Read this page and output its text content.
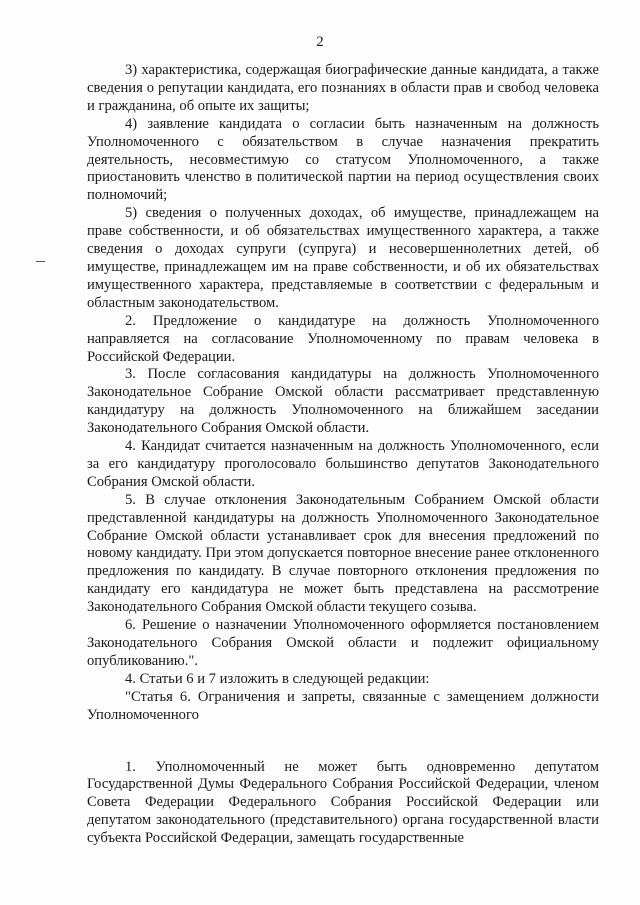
2

3) характеристика, содержащая биографические данные кандидата, а также сведения о репутации кандидата, его познаниях в области прав и свобод человека и гражданина, об опыте их защиты;

4) заявление кандидата о согласии быть назначенным на должность Уполномоченного с обязательством в случае назначения прекратить деятельность, несовместимую со статусом Уполномоченного, а также приостановить членство в политической партии на период осуществления своих полномочий;

5) сведения о полученных доходах, об имуществе, принадлежащем на праве собственности, и об обязательствах имущественного характера, а также сведения о доходах супруги (супруга) и несовершеннолетних детей, об имуществе, принадлежащем им на праве собственности, и об их обязательствах имущественного характера, представляемые в соответствии с федеральным и областным законодательством.

2. Предложение о кандидатуре на должность Уполномоченного направляется на согласование Уполномоченному по правам человека в Российской Федерации.

3. После согласования кандидатуры на должность Уполномоченного Законодательное Собрание Омской области рассматривает представленную кандидатуру на должность Уполномоченного на ближайшем заседании Законодательного Собрания Омской области.

4. Кандидат считается назначенным на должность Уполномоченного, если за его кандидатуру проголосовало большинство депутатов Законодательного Собрания Омской области.

5. В случае отклонения Законодательным Собранием Омской области представленной кандидатуры на должность Уполномоченного Законодательное Собрание Омской области устанавливает срок для внесения предложений по новому кандидату. При этом допускается повторное внесение ранее отклоненного предложения по кандидату. В случае повторного отклонения предложения по кандидату его кандидатура не может быть представлена на рассмотрение Законодательного Собрания Омской области текущего созыва.

6. Решение о назначении Уполномоченного оформляется постановлением Законодательного Собрания Омской области и подлежит официальному опубликованию.".

4. Статьи 6 и 7 изложить в следующей редакции:

"Статья 6. Ограничения и запреты, связанные с замещением должности Уполномоченного

1. Уполномоченный не может быть одновременно депутатом Государственной Думы Федерального Собрания Российской Федерации, членом Совета Федерации Федерального Собрания Российской Федерации или депутатом законодательного (представительного) органа государственной власти субъекта Российской Федерации, замещать государственные
